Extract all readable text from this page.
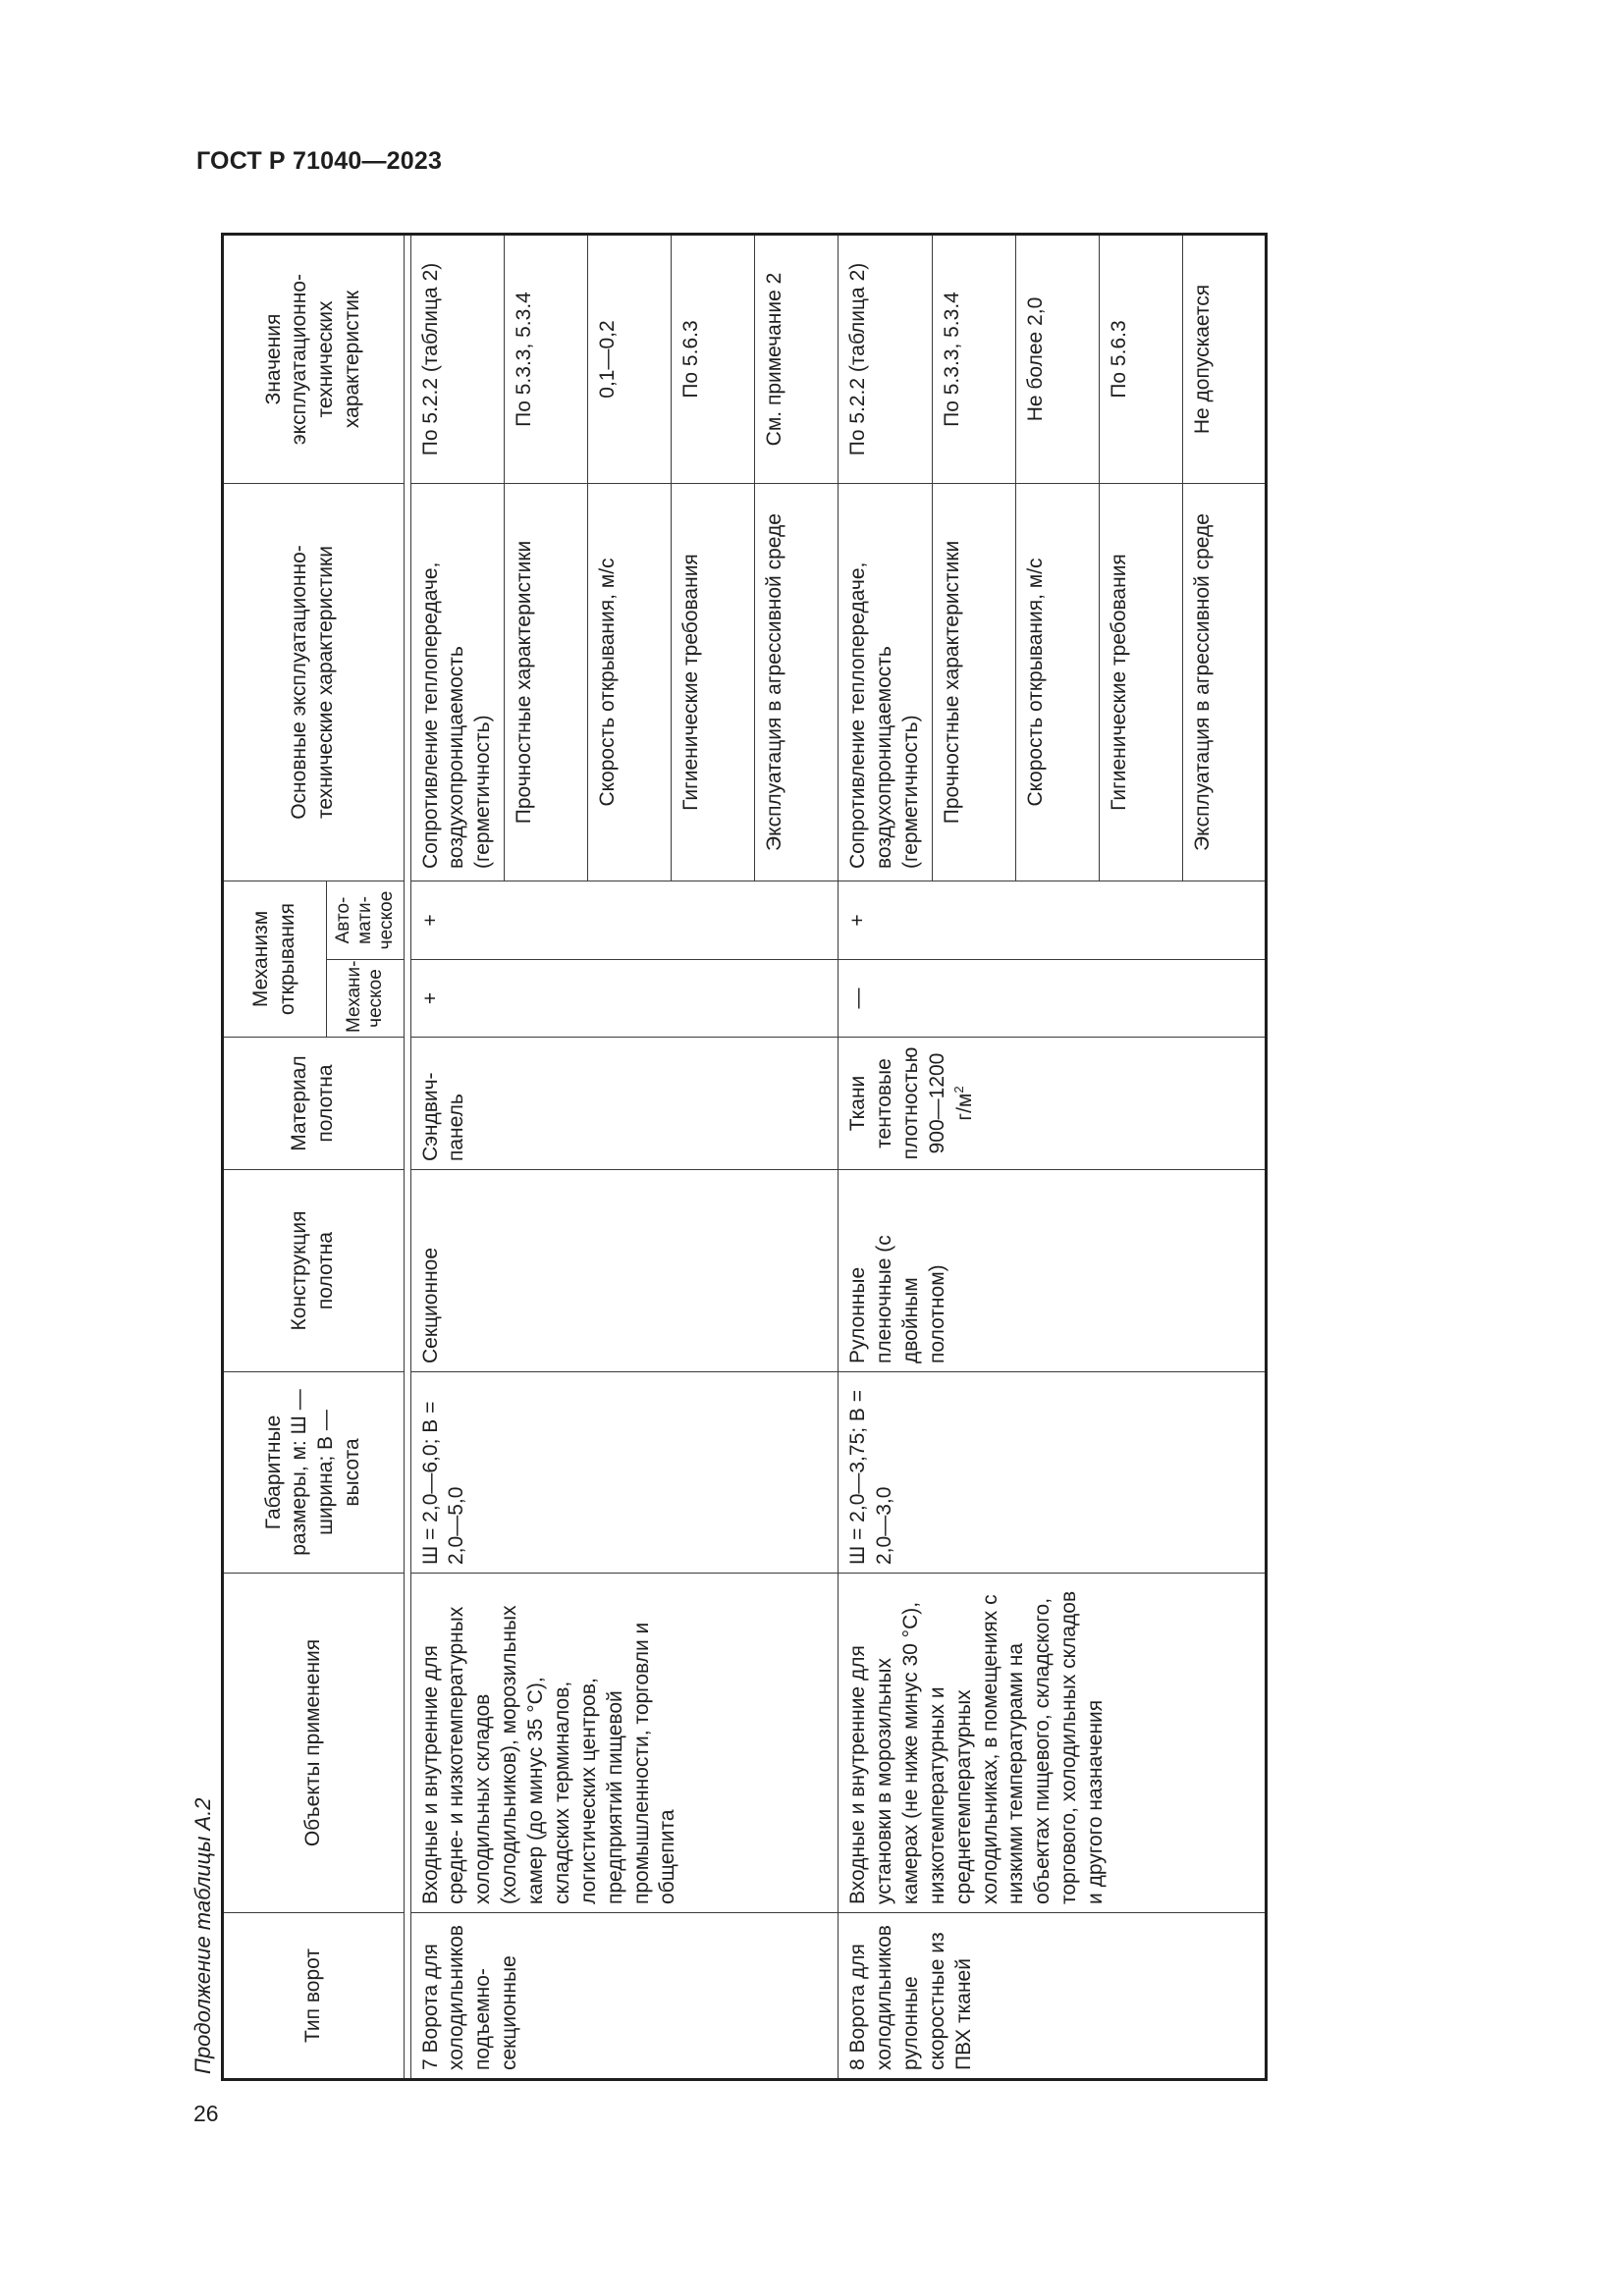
ГОСТ Р 71040—2023
Продолжение таблицы А.2
26
Тип ворот	Объекты применения	Габаритные размеры, м: Ш — ширина; В — высота	Конструкция полотна	Материал полотна	Механизм открывания		Основные эксплуатационно-технические характеристики	Значения эксплуатационно-технических характеристик
					Механическое	Автоматическое		

7 Ворота для холодильников подъемно-секционные	Входные и внутренние для средне- и низкотемпературных холодильных складов (холодильников), морозильных камер (до минус 35 °C), складских терминалов, логистических центров, предприятий пищевой промышленности, торговли и общепита	Ш = 2,0—6,0; В = 2,0—5,0	Секционное	Сэндвич-панель	+	+	Сопротивление теплопередаче, воздухопроницаемость (герметичность)	По 5.2.2 (таблица 2)
							Прочностные характеристики	По 5.3.3, 5.3.4
							Скорость открывания, м/с	0,1—0,2
							Гигиенические требования	По 5.6.3
							Эксплуатация в агрессивной среде	См. примечание 2
8 Ворота для холодильников рулонные скоростные из ПВХ тканей	Входные и внутренние для установки в морозильных камерах (не ниже минус 30 °C), низкотемпературных и среднетемпературных холодильниках, в помещениях с низкими температурами на объектах пищевого, складского, торгового, холодильных складов и другого назначения	Ш = 2,0—3,75; В = 2,0—3,0	Рулонные пленочные (с двойным полотном)	Ткани тентовые плотностью 900—1200 $г/м^2$	—	+	Сопротивление теплопередаче, воздухопроницаемость (герметичность)	По 5.2.2 (таблица 2)
							Прочностные характеристики	По 5.3.3, 5.3.4
							Скорость открывания, м/с	Не более 2,0
							Гигиенические требования	По 5.6.3
							Эксплуатация в агрессивной среде	Не допускается
